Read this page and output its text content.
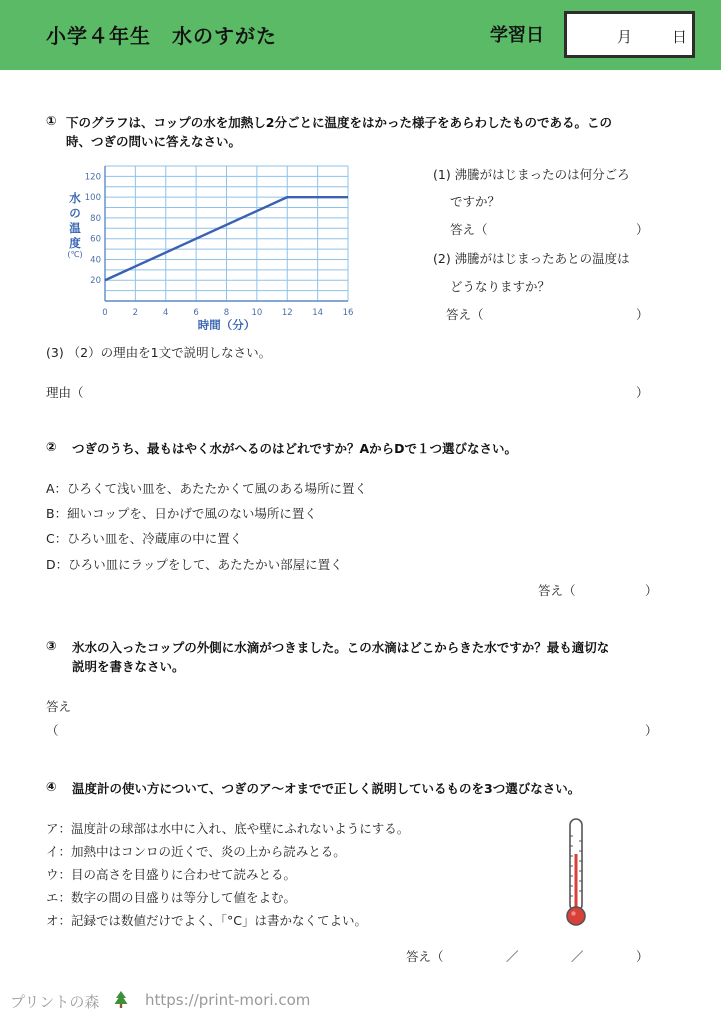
小学４年生　水のすがた	学習日	月	日
① 下のグラフは、コップの水を加熱し2分ごとに温度をはかった様子をあらわしたものである。この
時、つぎの問いに答えなさい。
0	2	4	6	8	10 12 14 16
20
40
60
80
100
120
水
の
温
度
(℃)
時間（分）
(1) 沸騰がはじまったのは何分ごろ
ですか？
答え（	）
(2) 沸騰がはじまったあとの温度は
どうなりますか？
答え（	）
(3) （2）の理由を1文で説明しなさい。
理由（	）
② つぎのうち、最もはやく水がへるのはどれですか？AからDで１つ選びなさい。
A：ひろくて浅い皿を、あたたかくて風のある場所に置く
B：細いコップを、日かげで風のない場所に置く
C：ひろい皿を、冷蔵庫の中に置く
D：ひろい皿にラップをして、あたたかい部屋に置く
答え（	）
③ 氷水の入ったコップの外側に水滴がつきました。この水滴はどこからきた水ですか？最も適切な
説明を書きなさい。
答え
（	）
④ 温度計の使い方について、つぎのア～オまでで正しく説明しているものを3つ選びなさい。
ア：温度計の球部は水中に入れ、底や壁にふれないようにする。
イ：加熱中はコンロの近くで、炎の上から読みとる。
ウ：目の高さを目盛りに合わせて読みとる。
エ：数字の間の目盛りは等分して値をよむ。
オ：記録では数値だけでよく、「°C」は書かなくてよい。
答え（	／	／	）
プリントの森	https://print-mori.com
